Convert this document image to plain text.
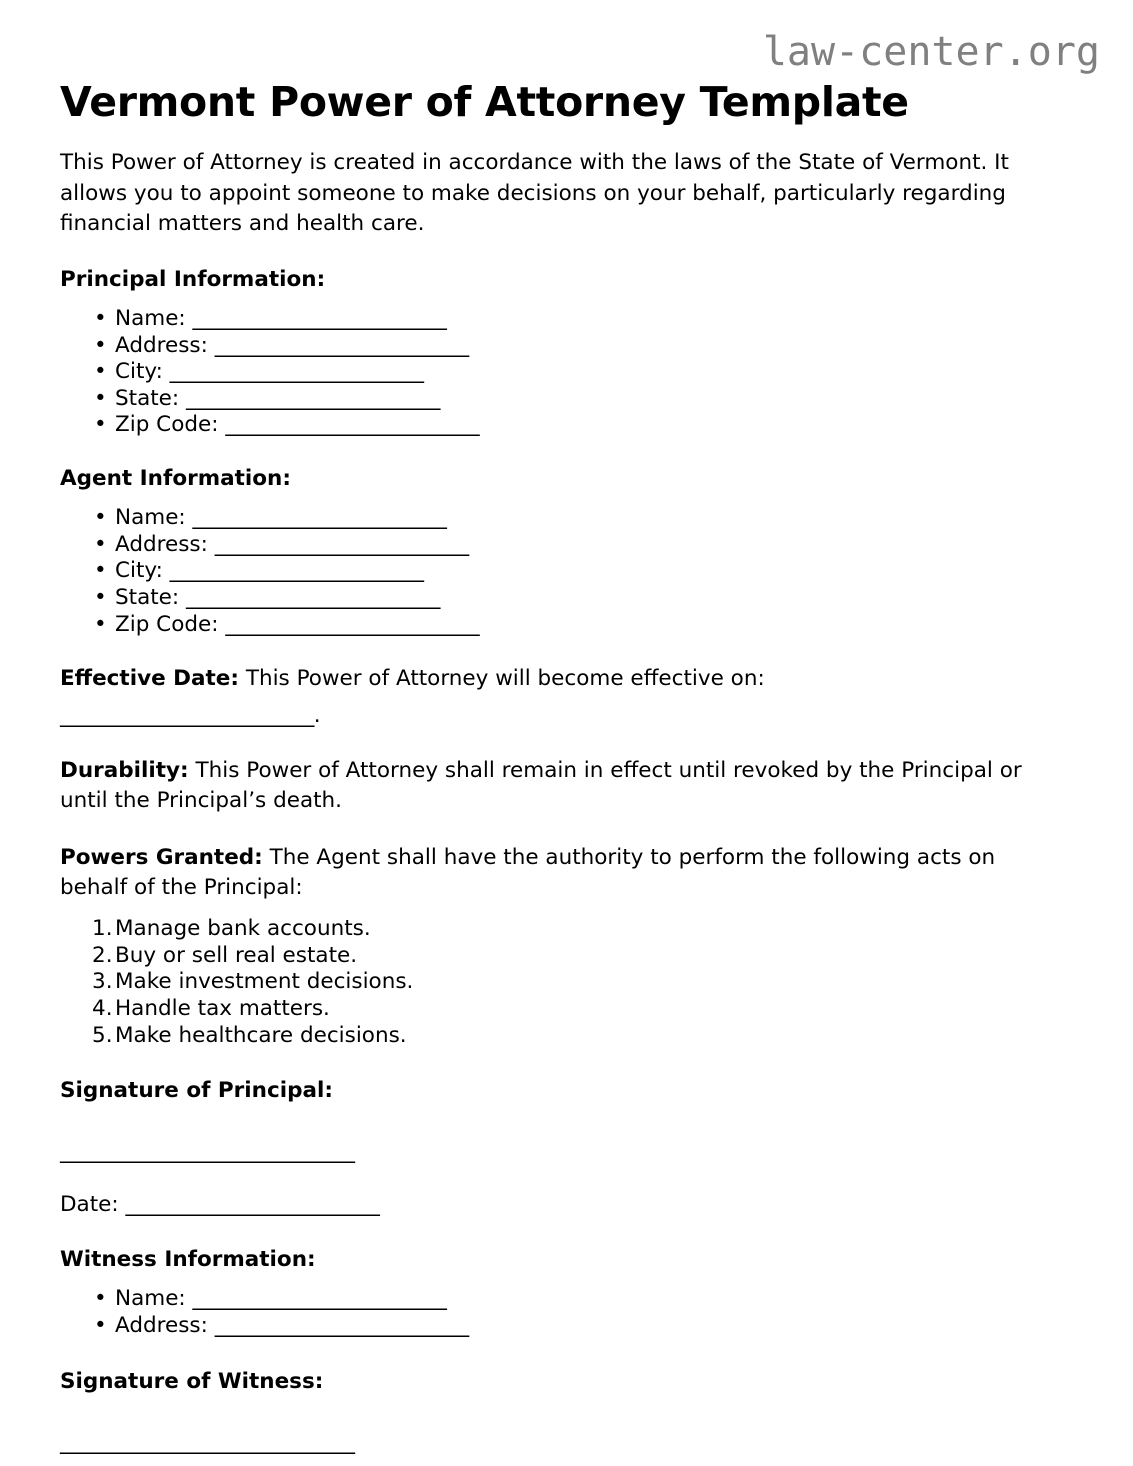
law-center.org
Vermont Power of Attorney Template

This Power of Attorney is created in accordance with the laws of the State of Vermont. It allows you to appoint someone to make decisions on your behalf, particularly regarding financial matters and health care.

Principal Information:
• Name: _________________________
• Address: _________________________
• City: _________________________
• State: _________________________
• Zip Code: _________________________
Agent Information:
• Name: _________________________
• Address: _________________________
• City: _________________________
• State: _________________________
• Zip Code: _________________________

Effective Date: This Power of Attorney will become effective on:

_________________________.

Durability: This Power of Attorney shall remain in effect until revoked by the Principal or until the Principal’s death.

Powers Granted: The Agent shall have the authority to perform the following acts on behalf of the Principal:

Manage bank accounts.
Buy or sell real estate.
Make investment decisions.
Handle tax matters.
Make healthcare decisions.
Signature of Principal:
_____________________________
Date: _________________________
Witness Information:
• Name: _________________________
• Address: _________________________
Signature of Witness:
_____________________________
